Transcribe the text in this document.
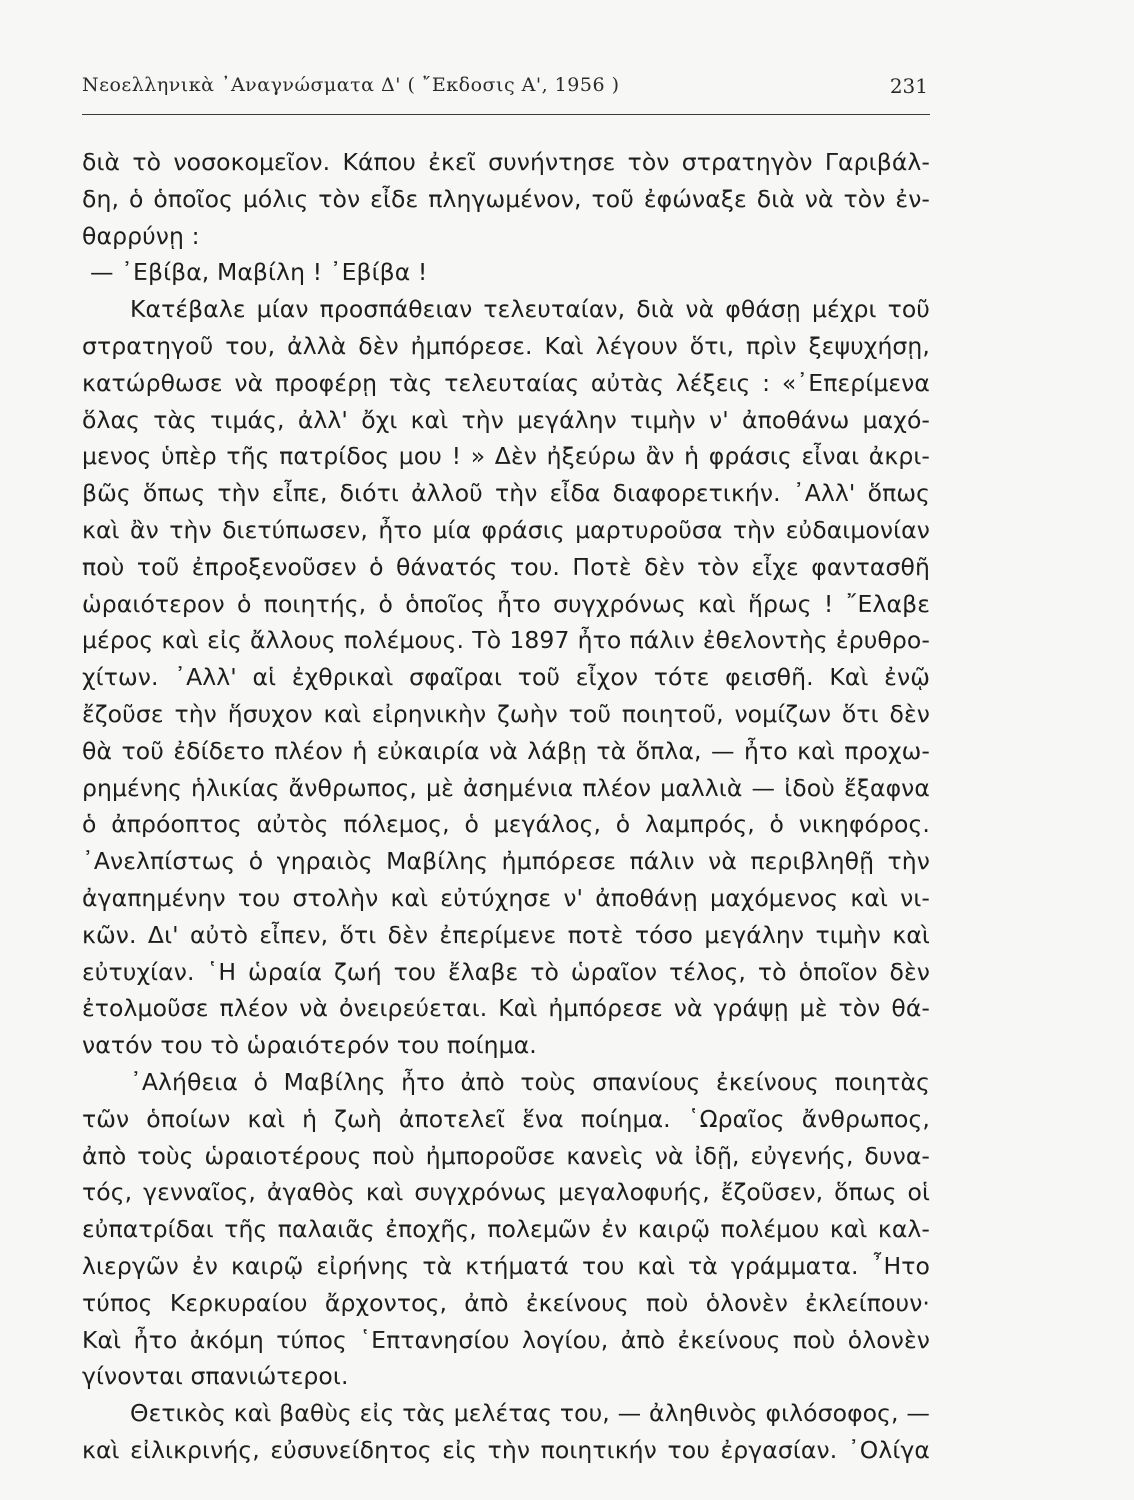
Νεοελληνικὰ ᾿Αναγνώσματα Δ' ( ῎Εκδοσις Α', 1956 )	231
διὰ τὸ νοσοκομεῖον. Κάπου ἐκεῖ συνήντησε τὸν στρατηγὸν Γαριβάλ-
δη, ὁ ὁποῖος μόλις τὸν εἶδε πληγωμένον, τοῦ ἐφώναξε διὰ νὰ τὸν ἐν-
θαρρύνῃ :
— ᾿Εβίβα, Μαβίλη ! ᾿Εβίβα !
Κατέβαλε μίαν προσπάθειαν τελευταίαν, διὰ νὰ φθάσῃ μέχρι τοῦ
στρατηγοῦ του, ἀλλὰ δὲν ἠμπόρεσε. Καὶ λέγουν ὅτι, πρὶν ξεψυχήσῃ,
κατώρθωσε νὰ προφέρῃ τὰς τελευταίας αὐτὰς λέξεις : «᾿Επερίμενα
ὅλας τὰς τιμάς, ἀλλ' ὄχι καὶ τὴν μεγάλην τιμὴν ν' ἀποθάνω μαχό-
μενος ὑπὲρ τῆς πατρίδος μου ! » Δὲν ἠξεύρω ἂν ἡ φράσις εἶναι ἀκρι-
βῶς ὅπως τὴν εἶπε, διότι ἀλλοῦ τὴν εἶδα διαφορετικήν. ᾿Αλλ' ὅπως
καὶ ἂν τὴν διετύπωσεν, ἦτο μία φράσις μαρτυροῦσα τὴν εὐδαιμονίαν
ποὺ τοῦ ἐπροξενοῦσεν ὁ θάνατός του. Ποτὲ δὲν τὸν εἶχε φαντασθῆ
ὡραιότερον ὁ ποιητής, ὁ ὁποῖος ἦτο συγχρόνως καὶ ἥρως ! ῎Ελαβε
μέρος καὶ εἰς ἄλλους πολέμους. Τὸ 1897 ἦτο πάλιν ἐθελοντὴς ἐρυθρο-
χίτων. ᾿Αλλ' αἱ ἐχθρικαὶ σφαῖραι τοῦ εἶχον τότε φεισθῆ. Καὶ ἐνῷ
ἔζοῦσε τὴν ἥσυχον καὶ εἰρηνικὴν ζωὴν τοῦ ποιητοῦ, νομίζων ὅτι δὲν
θὰ τοῦ ἐδίδετο πλέον ἡ εὐκαιρία νὰ λάβῃ τὰ ὅπλα, — ἦτο καὶ προχω-
ρημένης ἡλικίας ἄνθρωπος, μὲ ἀσημένια πλέον μαλλιὰ — ἰδοὺ ἔξαφνα
ὁ ἀπρόοπτος αὐτὸς πόλεμος, ὁ μεγάλος, ὁ λαμπρός, ὁ νικηφόρος.
᾿Ανελπίστως ὁ γηραιὸς Μαβίλης ἠμπόρεσε πάλιν νὰ περιβληθῇ τὴν
ἀγαπημένην του στολὴν καὶ εὐτύχησε ν' ἀποθάνῃ μαχόμενος καὶ νι-
κῶν. Δι' αὐτὸ εἶπεν, ὅτι δὲν ἐπερίμενε ποτὲ τόσο μεγάλην τιμὴν καὶ
εὐτυχίαν. ῾Η ὡραία ζωή του ἔλαβε τὸ ὡραῖον τέλος, τὸ ὁποῖον δὲν
ἐτολμοῦσε πλέον νὰ ὀνειρεύεται. Καὶ ἠμπόρεσε νὰ γράψῃ μὲ τὸν θά-
νατόν του τὸ ὡραιότερόν του ποίημα.
᾿Αλήθεια ὁ Μαβίλης ἦτο ἀπὸ τοὺς σπανίους ἐκείνους ποιητὰς
τῶν ὁποίων καὶ ἡ ζωὴ ἀποτελεῖ ἕνα ποίημα. ῾Ωραῖος ἄνθρωπος,
ἀπὸ τοὺς ὡραιοτέρους ποὺ ἠμποροῦσε κανεὶς νὰ ἰδῇ, εὐγενής, δυνα-
τός, γενναῖος, ἀγαθὸς καὶ συγχρόνως μεγαλοφυής, ἔζοῦσεν, ὅπως οἱ
εὐπατρίδαι τῆς παλαιᾶς ἐποχῆς, πολεμῶν ἐν καιρῷ πολέμου καὶ καλ-
λιεργῶν ἐν καιρῷ εἰρήνης τὰ κτήματά του καὶ τὰ γράμματα. ῏Ητο
τύπος Κερκυραίου ἄρχοντος, ἀπὸ ἐκείνους ποὺ ὁλονὲν ἐκλείπουν·
Καὶ ἦτο ἀκόμη τύπος ῾Επτανησίου λογίου, ἀπὸ ἐκείνους ποὺ ὁλονὲν
γίνονται σπανιώτεροι.
Θετικὸς καὶ βαθὺς εἰς τὰς μελέτας του, — ἀληθινὸς φιλόσοφος, —
καὶ εἰλικρινής, εὐσυνείδητος εἰς τὴν ποιητικήν του ἐργασίαν. ᾿Ολίγα
